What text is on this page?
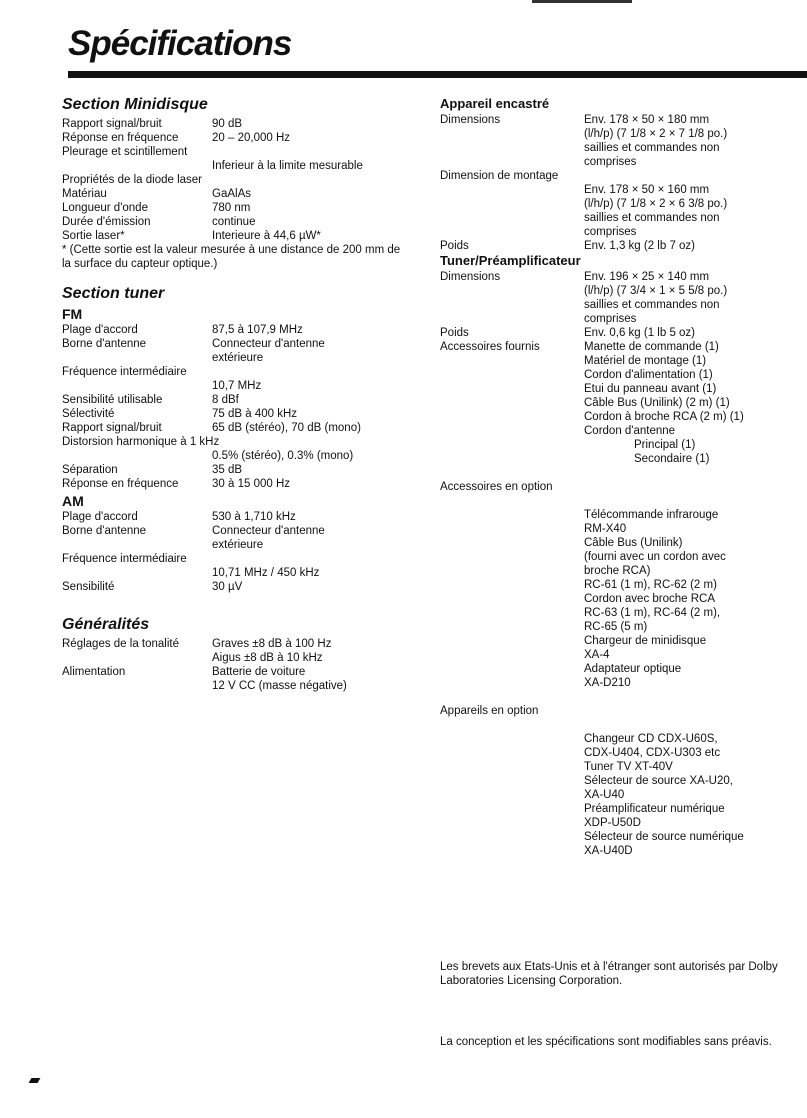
Spécifications
Section Minidisque
Rapport signal/bruit	90 dB
Réponse en fréquence	20 – 20,000 Hz
Pleurage et scintillement
Inferieur à la limite mesurable
Propriétés de la diode laser
Matériau	GaAlAs
Longueur d'onde	780 nm
Durée d'émission	continue
Sortie laser*	Interieure à 44,6 µW*
* (Cette sortie est la valeur mesurée à une distance de 200 mm de la surface du capteur optique.)
Section tuner
FM
Plage d'accord	87,5 à 107,9 MHz
Borne d'antenne	Connecteur d'antenne
extérieure
Fréquence intermédiaire
10,7 MHz
Sensibilité utilisable	8 dBf
Sélectivité	75 dB à 400 kHz
Rapport signal/bruit	65 dB (stéréo), 70 dB (mono)
Distorsion harmonique à 1 kHz
0.5% (stéréo), 0.3% (mono)
Séparation	35 dB
Réponse en fréquence	30 à 15 000 Hz
AM
Plage d'accord	530 à 1,710 kHz
Borne d'antenne	Connecteur d'antenne
extérieure
Fréquence intermédiaire
10,71 MHz / 450 kHz
Sensibilité	30 µV
Généralités
Réglages de la tonalité	Graves ±8 dB à 100 Hz
Aigus ±8 dB à 10 kHz
Alimentation	Batterie de voiture
12 V CC (masse négative)
Appareil encastré
Dimensions	Env. 178 × 50 × 180 mm
(l/h/p) (7 1/8 × 2 × 7 1/8 po.)
saillies et commandes non
comprises
Dimension de montage
Env. 178 × 50 × 160 mm
(l/h/p) (7 1/8 × 2 × 6 3/8 po.)
saillies et commandes non
comprises
Poids	Env. 1,3 kg (2 lb 7 oz)
Tuner/Préamplificateur
Dimensions	Env. 196 × 25 × 140 mm
(l/h/p) (7 3/4 × 1 × 5 5/8 po.)
saillies et commandes non
comprises
Poids	Env. 0,6 kg (1 lb 5 oz)
Accessoires fournis	Manette de commande (1)
Matériel de montage (1)
Cordon d'alimentation (1)
Etui du panneau avant (1)
Câble Bus (Unilink) (2 m) (1)
Cordon à broche RCA (2 m) (1)
Cordon d'antenne
Principal (1)
Secondaire (1)
Accessoires en option
Télécommande infrarouge
RM-X40
Câble Bus (Unilink)
(fourni avec un cordon avec
broche RCA)
RC-61 (1 m), RC-62 (2 m)
Cordon avec broche RCA
RC-63 (1 m), RC-64 (2 m),
RC-65 (5 m)
Chargeur de minidisque
XA-4
Adaptateur optique
XA-D210
Appareils en option
Changeur CD CDX-U60S,
CDX-U404, CDX-U303 etc
Tuner TV XT-40V
Sélecteur de source XA-U20,
XA-U40
Préamplificateur numérique
XDP-U50D
Sélecteur de source numérique
XA-U40D
Les brevets aux Etats-Unis et à l'étranger sont autorisés par Dolby Laboratories Licensing Corporation.
La conception et les spécifications sont modifiables sans préavis.
